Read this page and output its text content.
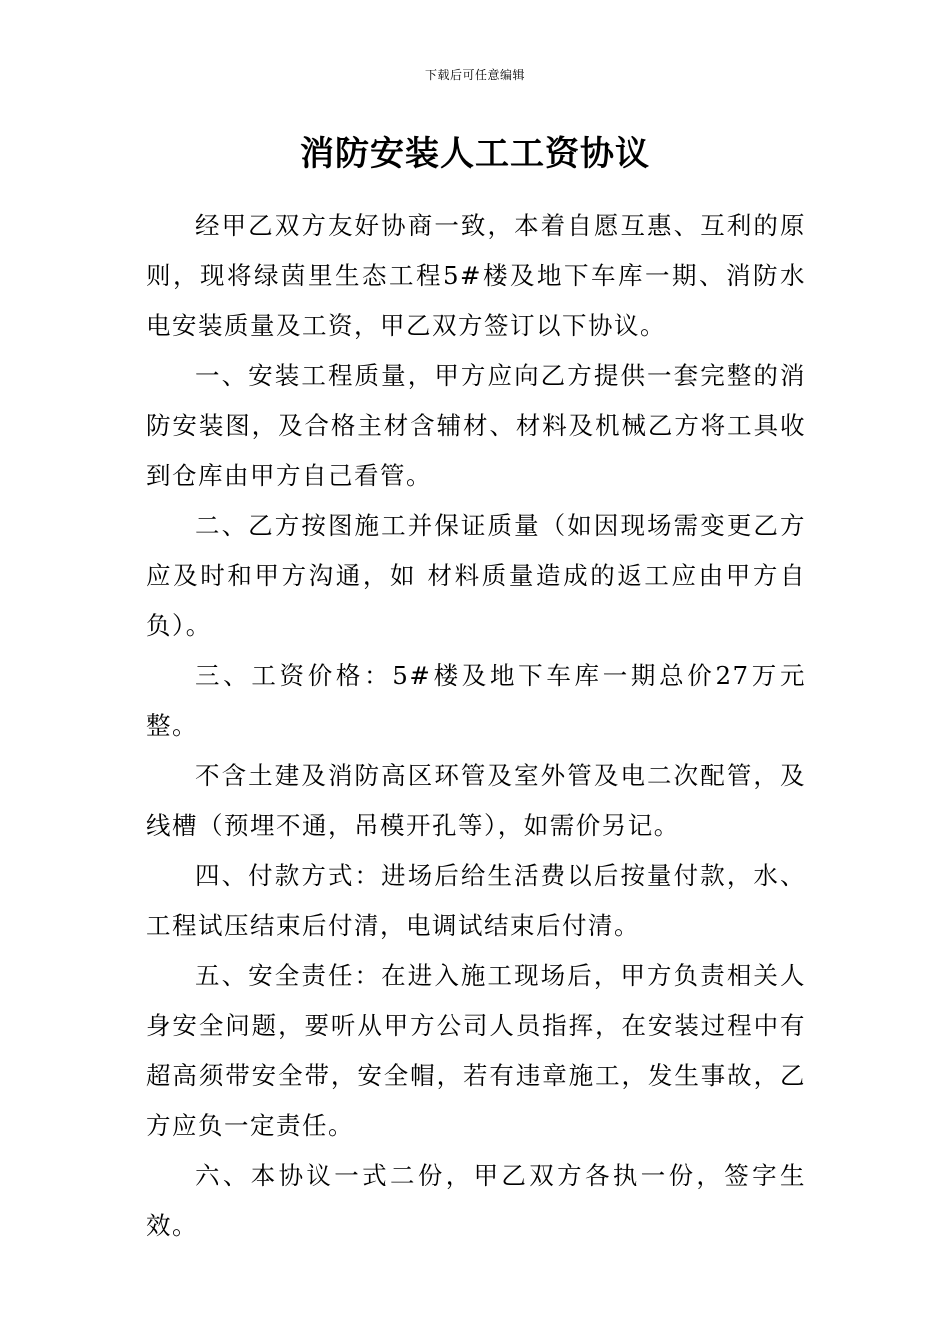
下载后可任意编辑
消防安装人工工资协议

经甲乙双方友好协商一致，本着自愿互惠、互利的原则，现将绿茵里生态工程5#楼及地下车库一期、消防水电安装质量及工资，甲乙双方签订以下协议。

一、安装工程质量，甲方应向乙方提供一套完整的消防安装图，及合格主材含辅材、材料及机械乙方将工具收到仓库由甲方自己看管。

二、乙方按图施工并保证质量（如因现场需变更乙方应及时和甲方沟通，如 材料质量造成的返工应由甲方自负）。

三、工资价格：5#楼及地下车库一期总价27万元整。

不含土建及消防高区环管及室外管及电二次配管，及线槽（预埋不通，吊模开孔等），如需价另记。

四、付款方式：进场后给生活费以后按量付款，水、工程试压结束后付清，电调试结束后付清。

五、安全责任：在进入施工现场后，甲方负责相关人身安全问题，要听从甲方公司人员指挥，在安装过程中有超高须带安全带，安全帽，若有违章施工，发生事故，乙方应负一定责任。

六、本协议一式二份，甲乙双方各执一份，签字生效。
